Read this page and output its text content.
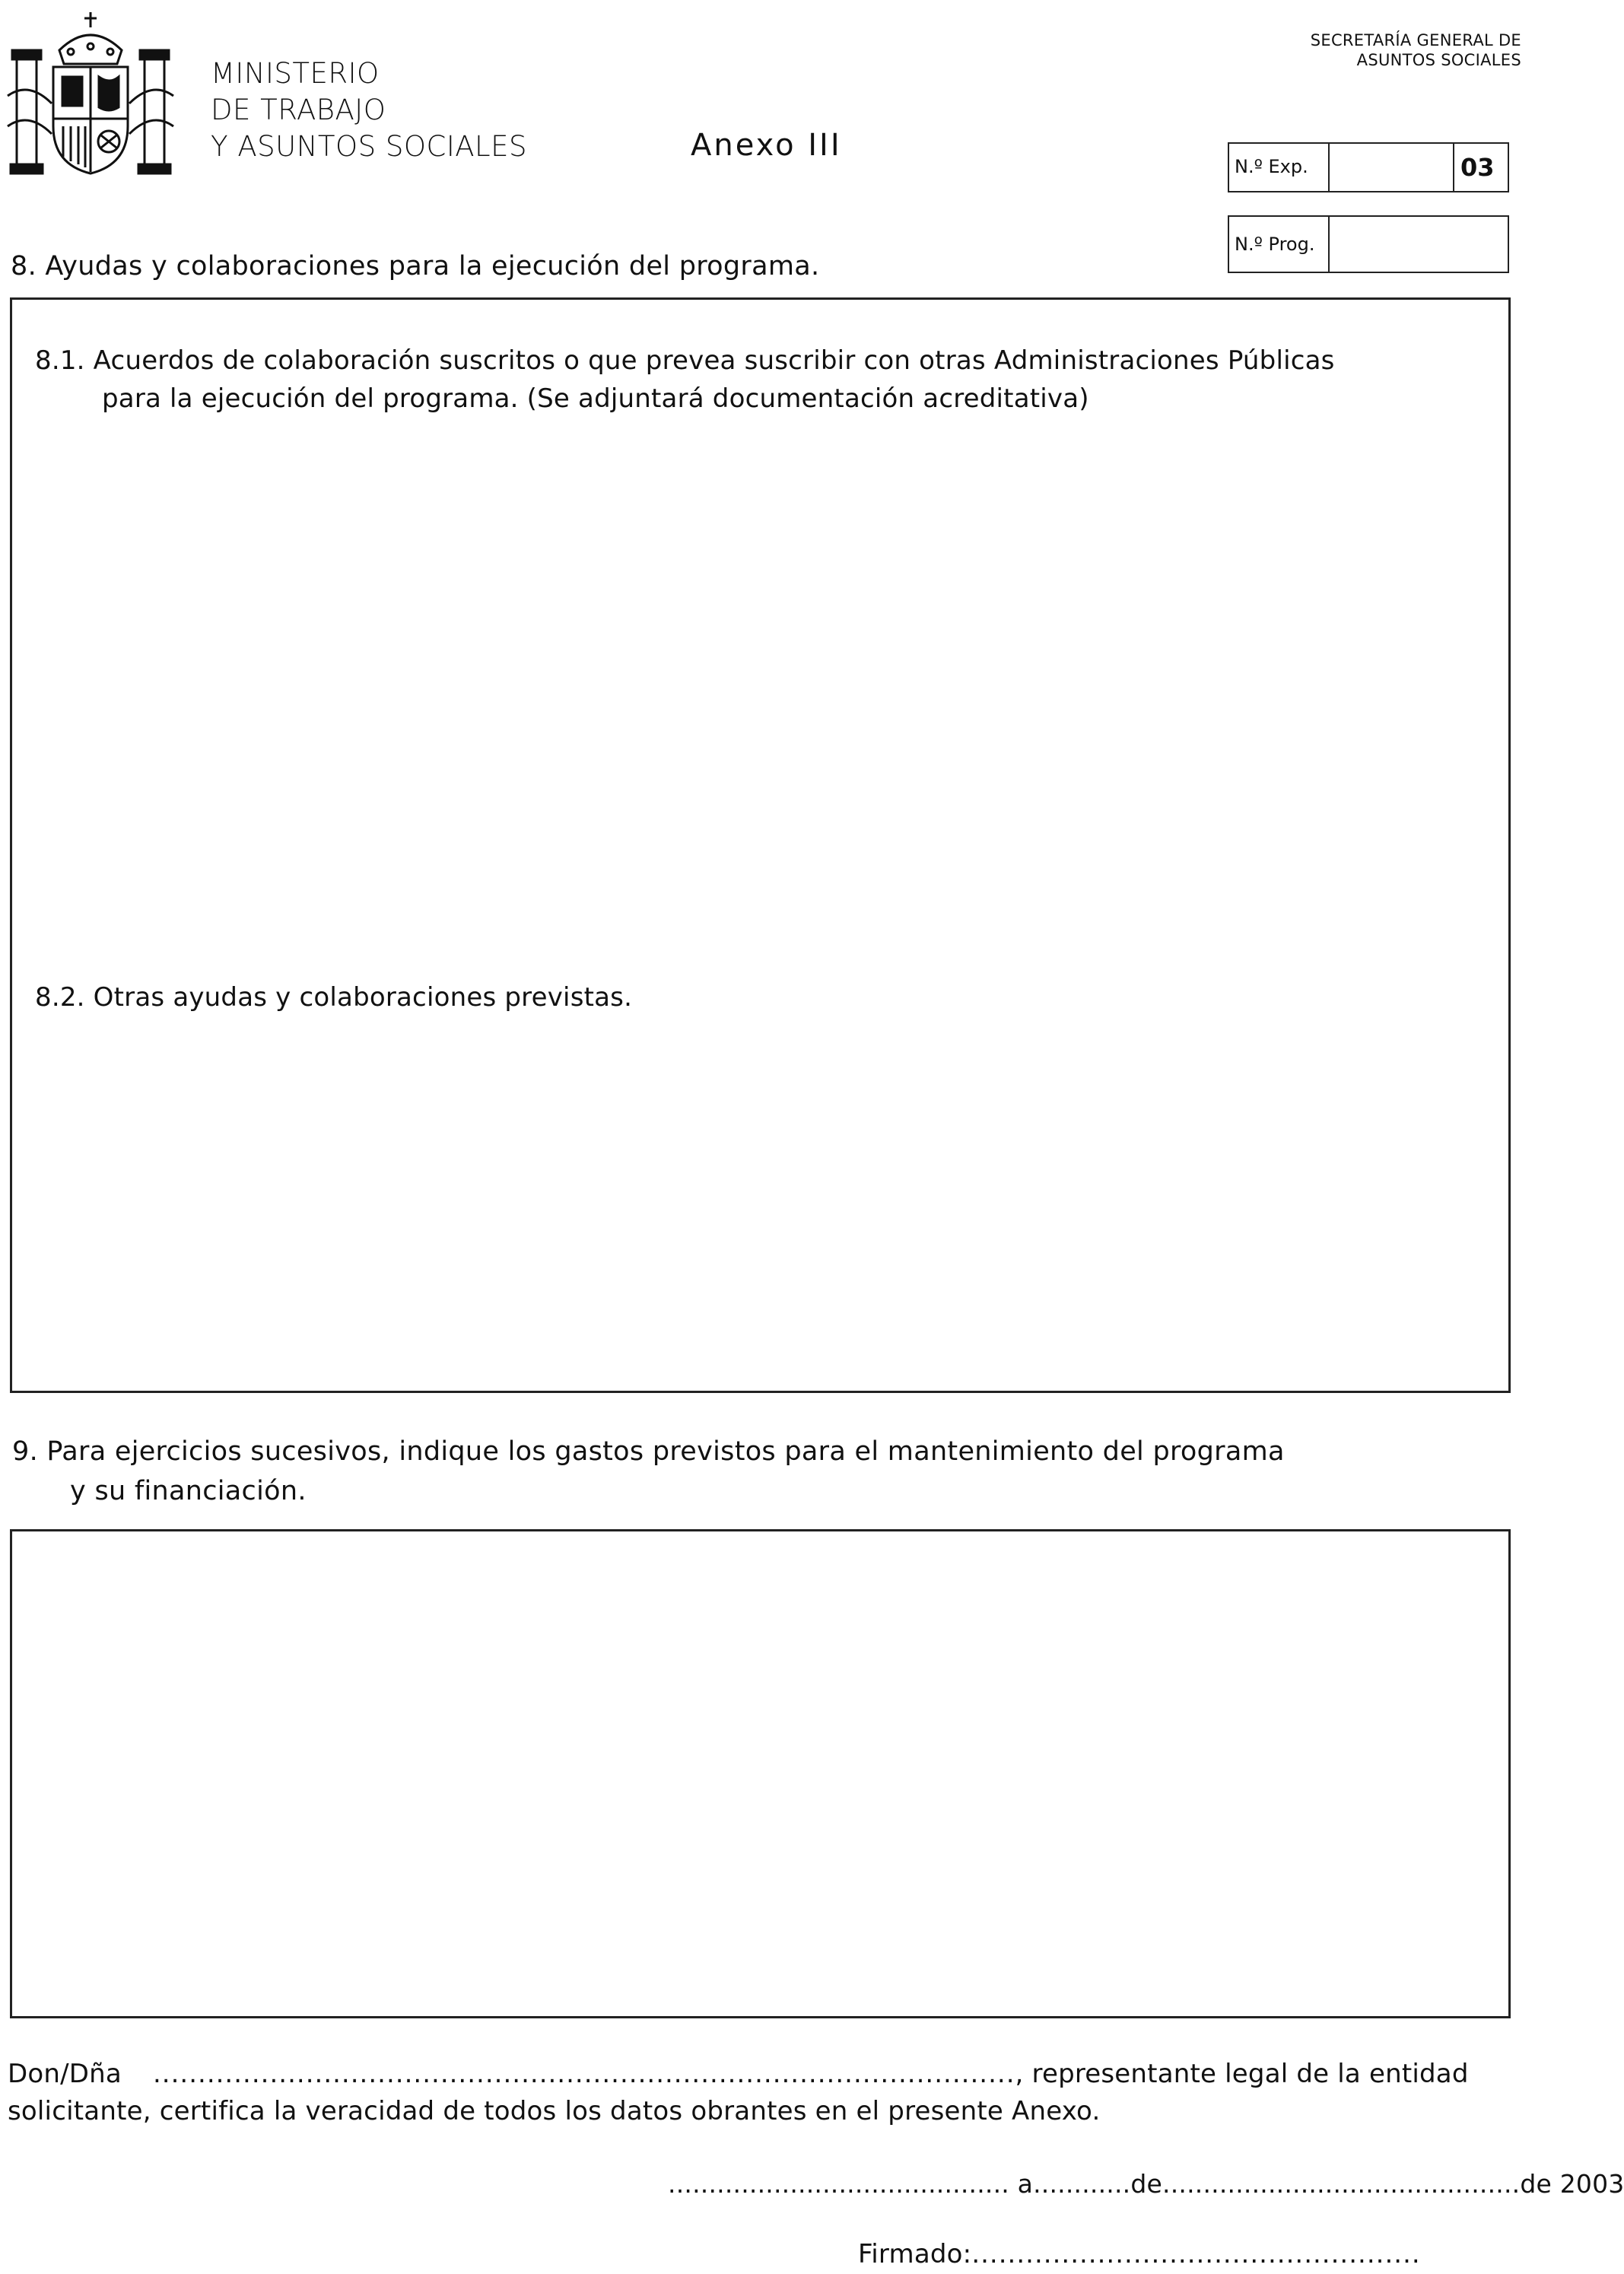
MINISTERIO
DE TRABAJO
Y ASUNTOS SOCIALES	Anexo III
SECRETARÍA GENERAL DE
ASUNTOS SOCIALES
N.º Exp.	03
N.º Prog.
8. Ayudas y colaboraciones para la ejecución del programa.
8.1. Acuerdos de colaboración suscritos o que prevea suscribir con otras Administraciones Públicas
para la ejecución del programa. (Se adjuntará documentación acreditativa)
8.2. Otras ayudas y colaboraciones previstas.
9. Para ejercicios sucesivos, indique los gastos previstos para el mantenimiento del programa
y su financiación.
Don/Dña ................................................................................................, representante legal de la entidad
solicitante, certifica la veracidad de todos los datos obrantes en el presente Anexo.
.......................................... a............de............................................de 2003
Firmado:..................................................
